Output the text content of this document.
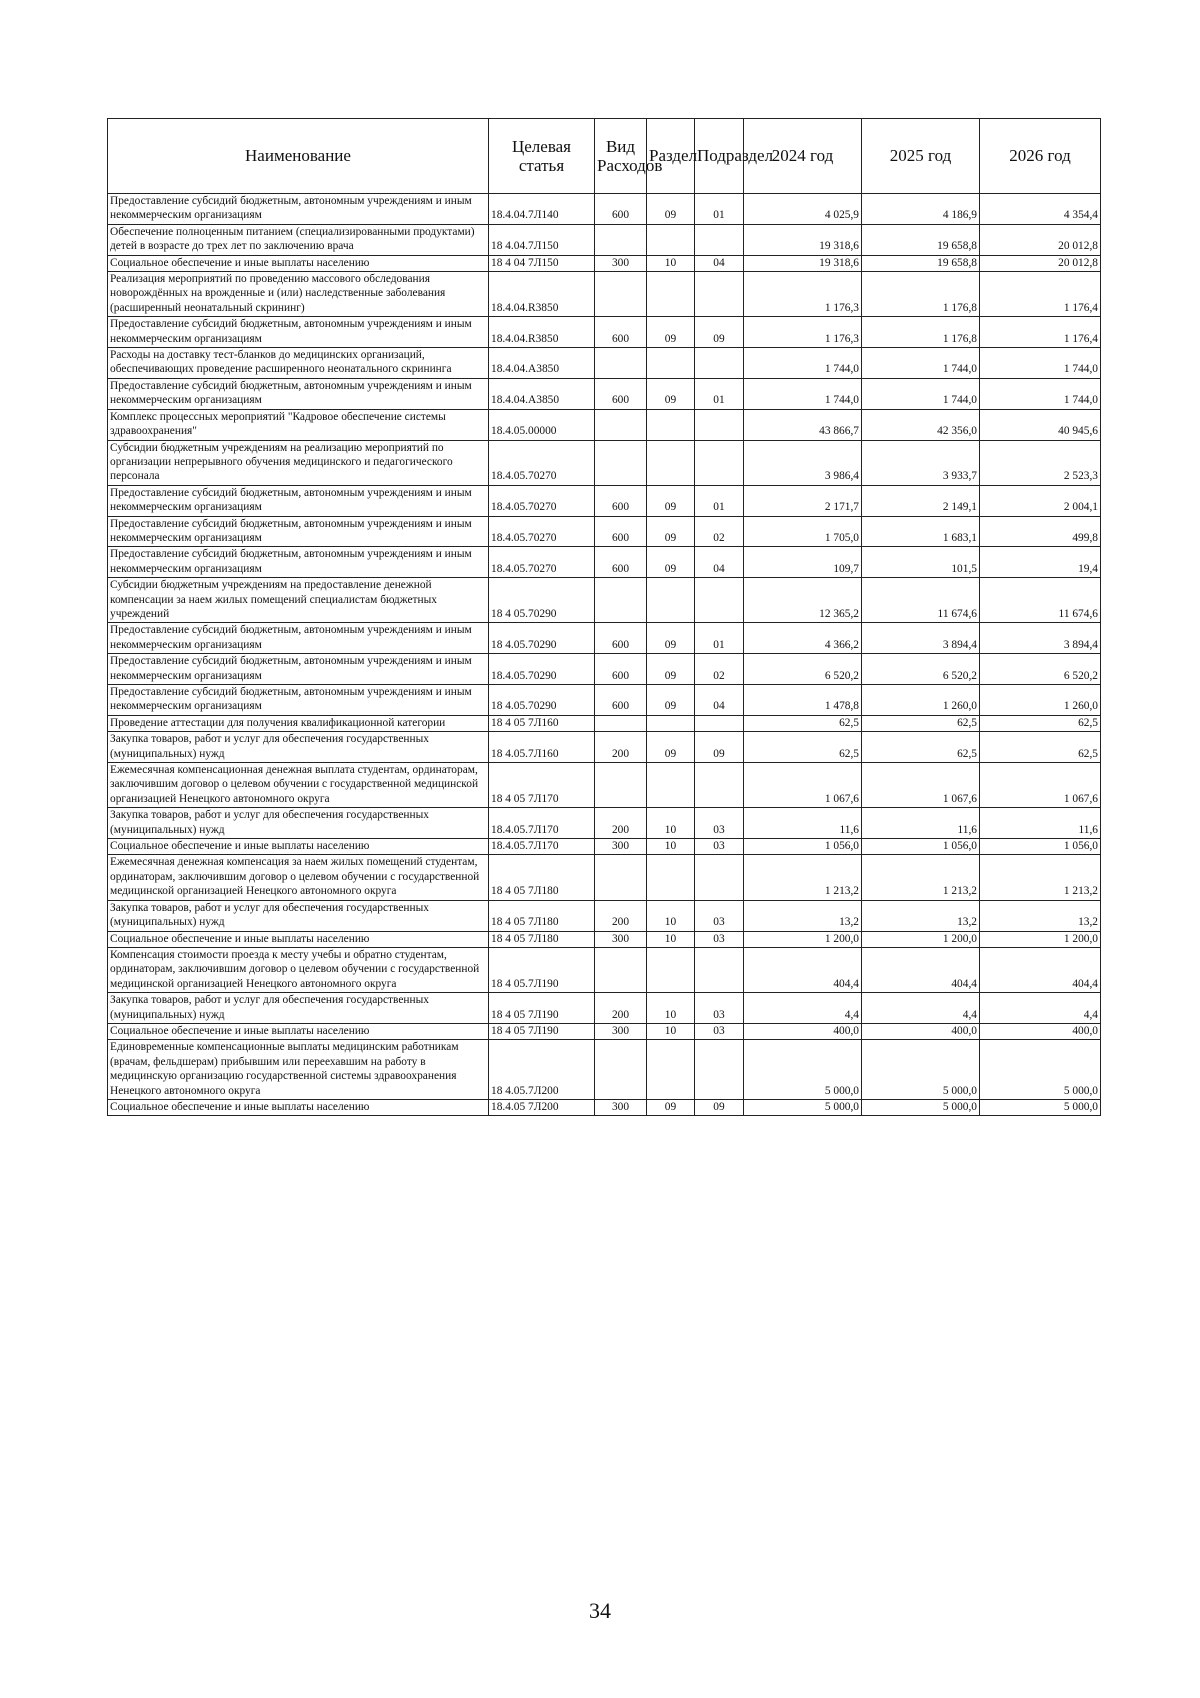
Наименование	Целевая статья	Вид Расходов	Раздел	Подраздел	2024 год	2025 год	2026 год
Предоставление субсидий бюджетным, автономным учреждениям и иным некоммерческим организациям	18.4.04.7Л140	600	09	01	4 025,9	4 186,9	4 354,4
Обеспечение полноценным питанием (специализированными продуктами) детей в возрасте до трех лет по заключению врача	18 4.04.7Л150				19 318,6	19 658,8	20 012,8
Социальное обеспечение и иные выплаты населению	18 4 04 7Л150	300	10	04	19 318,6	19 658,8	20 012,8
Реализация мероприятий по проведению массового обследования новорождённых на врожденные и (или) наследственные заболевания (расширенный неонатальный скрининг)	18.4.04.R3850				1 176,3	1 176,8	1 176,4
Предоставление субсидий бюджетным, автономным учреждениям и иным некоммерческим организациям	18.4.04.R3850	600	09	09	1 176,3	1 176,8	1 176,4
Расходы на доставку тест-бланков до медицинских организаций, обеспечивающих проведение расширенного неонатального скрининга	18.4.04.А3850				1 744,0	1 744,0	1 744,0
Предоставление субсидий бюджетным, автономным учреждениям и иным некоммерческим организациям	18.4.04.А3850	600	09	01	1 744,0	1 744,0	1 744,0
Комплекс процессных мероприятий "Кадровое обеспечение системы здравоохранения"	18.4.05.00000				43 866,7	42 356,0	40 945,6
Субсидии бюджетным учреждениям на реализацию мероприятий по организации непрерывного обучения медицинского и педагогического персонала	18.4.05.70270				3 986,4	3 933,7	2 523,3
Предоставление субсидий бюджетным, автономным учреждениям и иным некоммерческим организациям	18.4.05.70270	600	09	01	2 171,7	2 149,1	2 004,1
Предоставление субсидий бюджетным, автономным учреждениям и иным некоммерческим организациям	18.4.05.70270	600	09	02	1 705,0	1 683,1	499,8
Предоставление субсидий бюджетным, автономным учреждениям и иным некоммерческим организациям	18.4.05.70270	600	09	04	109,7	101,5	19,4
Субсидии бюджетным учреждениям на предоставление денежной компенсации за наем жилых помещений специалистам бюджетных учреждений	18 4 05.70290				12 365,2	11 674,6	11 674,6
Предоставление субсидий бюджетным, автономным учреждениям и иным некоммерческим организациям	18 4.05.70290	600	09	01	4 366,2	3 894,4	3 894,4
Предоставление субсидий бюджетным, автономным учреждениям и иным некоммерческим организациям	18.4.05.70290	600	09	02	6 520,2	6 520,2	6 520,2
Предоставление субсидий бюджетным, автономным учреждениям и иным некоммерческим организациям	18 4.05.70290	600	09	04	1 478,8	1 260,0	1 260,0
Проведение аттестации для получения квалификационной категории	18 4 05 7Л160				62,5	62,5	62,5
Закупка товаров, работ и услуг для обеспечения государственных (муниципальных) нужд	18 4.05.7Л160	200	09	09	62,5	62,5	62,5
Ежемесячная компенсационная денежная выплата студентам, ординаторам, заключившим договор о целевом обучении с государственной медицинской организацией Ненецкого автономного округа	18 4 05 7Л170				1 067,6	1 067,6	1 067,6
Закупка товаров, работ и услуг для обеспечения государственных (муниципальных) нужд	18.4.05.7Л170	200	10	03	11,6	11,6	11,6
Социальное обеспечение и иные выплаты населению	18.4.05.7Л170	300	10	03	1 056,0	1 056,0	1 056,0
Ежемесячная денежная компенсация за наем жилых помещений студентам, ординаторам, заключившим договор о целевом обучении с государственной медицинской организацией Ненецкого автономного округа	18 4 05 7Л180				1 213,2	1 213,2	1 213,2
Закупка товаров, работ и услуг для обеспечения государственных (муниципальных) нужд	18 4 05 7Л180	200	10	03	13,2	13,2	13,2
Социальное обеспечение и иные выплаты населению	18 4 05 7Л180	300	10	03	1 200,0	1 200,0	1 200,0
Компенсация стоимости проезда к месту учебы и обратно студентам, ординаторам, заключившим договор о целевом обучении с государственной медицинской организацией Ненецкого автономного округа	18 4 05.7Л190				404,4	404,4	404,4
Закупка товаров, работ и услуг для обеспечения государственных (муниципальных) нужд	18 4 05 7Л190	200	10	03	4,4	4,4	4,4
Социальное обеспечение и иные выплаты населению	18 4 05 7Л190	300	10	03	400,0	400,0	400,0
Единовременные компенсационные выплаты медицинским работникам (врачам, фельдшерам) прибывшим или переехавшим на работу в медицинскую организацию государственной системы здравоохранения Ненецкого автономного округа	18 4.05.7Л200				5 000,0	5 000,0	5 000,0
Социальное обеспечение и иные выплаты населению	18.4.05 7Л200	300	09	09	5 000,0	5 000,0	5 000,0
34
